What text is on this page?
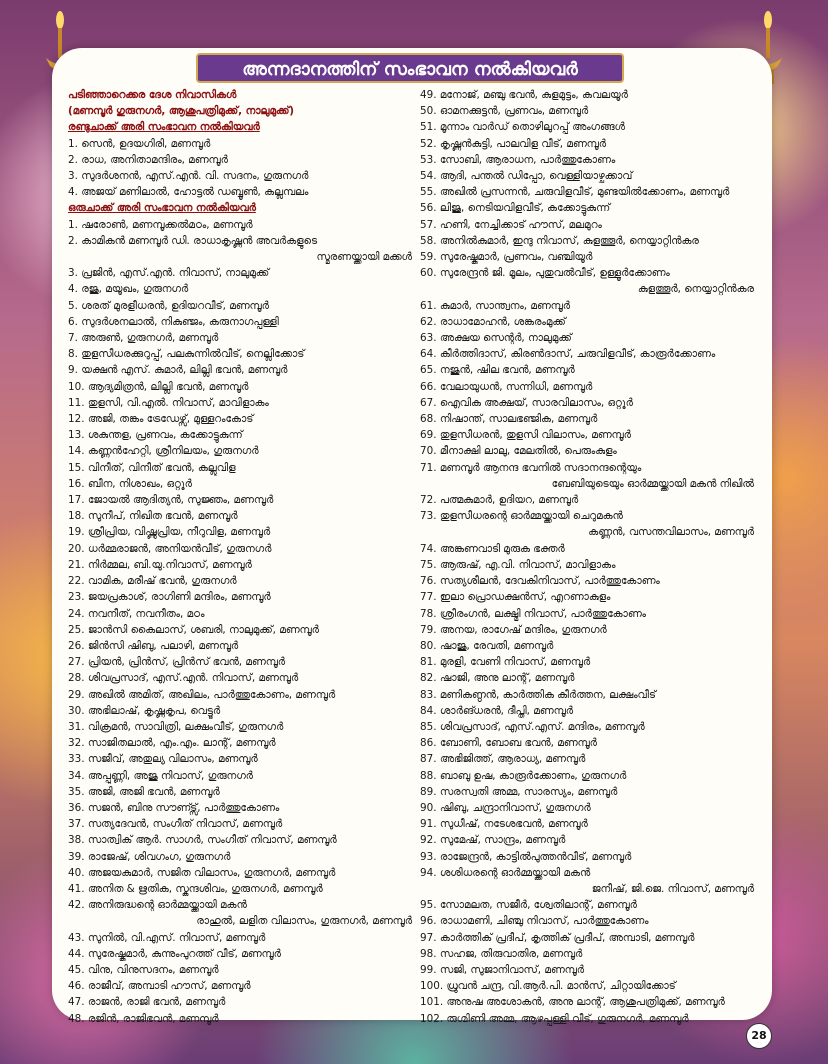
അന്നദാനത്തിന് സംഭാവന നൽകിയവർ
പടിഞ്ഞാറെക്കര ദേശ നിവാസികൾ
(മണമ്പൂർ ഗുരുനഗർ, ആശുപത്രിമുക്ക്, നാലുമുക്ക്)
രണ്ടുചാക്ക് അരി സംഭാവന നൽകിയവർ
1. സെൻ, ഉദയഗിരി, മണമ്പൂർ
2. രാധ, അനിതാമന്ദിരം, മണമ്പൂർ
3. സുദർശനൻ, എസ്.എൻ. വി. സദനം, ഗുരുനഗർ
4. അജയ് മണിലാൽ, ഹോട്ടൽ ഡബ്ബൂൺ, കല്ലമ്പലം
ഒരുചാക്ക് അരി സംഭാവന നൽകിയവർ
1. ഷരോൺ, മണമ്പൂക്കൽമഠം, മണമ്പൂർ
2. കാമികൻ മണമ്പൂർ ഡി. രാധാകൃഷ്ണൻ അവർകളുടെ
സ്മരണയ്ക്കായി മക്കൾ
3. പ്രജിൻ, എസ്.എൻ. നിവാസ്, നാലുമുക്ക്
4. രജു, മയൂഖം, ഗുരുനഗർ
5. ശരത് മുരളീധരൻ, ഉദിയറവീട്, മണമ്പൂർ
6. സുദർശനലാൽ, നികുഞ്ജം, കരുനാഗപ്പള്ളി
7. അരുൺ, ഗുരുനഗർ, മണമ്പൂർ
8. തുളസീധരക്കുറുപ്പ്, പലകുന്നിൽവീട്, നെല്ലിക്കോട്
9. യക്ഷൻ എസ്. കുമാർ, ലില്ലി ഭവൻ, മണമ്പൂർ
10. ആദ്യമിത്രൻ, ലില്ലി ഭവൻ, മണമ്പൂർ
11. തുളസി, വി.എൽ. നിവാസ്, മാവിളാകം
12. അജി, തങ്കം ട്രേഡേഴ്സ്, മുള്ളറംകോട്
13. ശകുന്തള, പ്രണവം, കക്കോട്ടുകുന്ന്
14. കണ്ണൻഹേറ്റി, ശ്രീനിലയം, ഗുരുനഗർ
15. വിനീത്, വിനീത് ഭവൻ, കല്ലുവിള
16. ബീന, നിശാഖം, ഒറ്റൂർ
17. ജോയൽ ആദിത്യൻ, സുജ്ഞം, മണമ്പൂർ
18. സുനീപ്, നിഖിത ഭവൻ, മണമ്പൂർ
19. ശ്രീപ്രിയ, വിഷ്ണുപ്രിയ, നീറുവിള, മണമ്പൂർ
20. ധർമ്മരാജൻ, അനിയൻവീട്, ഗുരുനഗർ
21. നിർമ്മല, ബി.യു.നിവാസ്, മണമ്പൂർ
22. വാമിക, മരീഷ് ഭവൻ, ഗുരുനഗർ
23. ജയപ്രകാശ്, രാഗിണി മന്ദിരം, മണമ്പൂർ
24. നവനീത്, നവനീതം, മഠം
25. ജാൻസി കൈലാസ്, ശബരി, നാലുമുക്ക്, മണമ്പൂർ
26. ജിൻസി ഷിബു, പലാഴി, മണമ്പൂർ
27. പ്രിയൻ, പ്രിൻസ്, പ്രിൻസ് ഭവൻ, മണമ്പൂർ
28. ശിവപ്രസാദ്, എസ്.എൻ. നിവാസ്, മണമ്പൂർ
29. അഖിൽ അമിത്, അഖിലം, പാർത്തുകോണം, മണമ്പൂർ
30. അഭിലാഷ്, കൃഷ്ണകൃപ, വെട്ടൂർ
31. വിക്രമൻ, സാവിത്രി, ലക്ഷംവീട്, ഗുരുനഗർ
32. സാജിതലാൽ, എം.എം. ലാന്റ്, മണമ്പൂർ
33. സജീവ്, അതുല്യ വിലാസം, മണമ്പൂർ
34. അപ്പുണ്ണി, അജു നിവാസ്, ഗുരുനഗർ
35. അജി, അജി ഭവൻ, മണമ്പൂർ
36. സജൻ, ബിനു സൗണ്ട്സ്, പാർത്തുകോണം
37. സത്യദേവൻ, സംഗീത് നിവാസ്, മണമ്പൂർ
38. സാത്വിക് ആർ. സാഗർ, സംഗീത് നിവാസ്, മണമ്പൂർ
39. രാജേഷ്, ശിവഗംഗ, ഗുരുനഗർ
40. അജയകുമാർ, സജിത വിലാസം, ഗുരുനഗർ, മണമ്പൂർ
41. അനിത & ഋതിക, സ്കന്ദശിവം, ഗുരുനഗർ, മണമ്പൂർ
42. അനിരുദ്ധന്റെ ഓർമ്മയ്ക്കായി മകൻ
രാഹുൽ, ലളിത വിലാസം, ഗുരുനഗർ, മണമ്പൂർ
43. സുനിൽ, വി.എസ്. നിവാസ്, മണമ്പൂർ
44. സുരേഷ്കുമാർ, കുന്നുംപുറത്ത് വീട്, മണമ്പൂർ
45. വിനു, വിനുസദനം, മണമ്പൂർ
46. രാജീവ്, അമ്പാടി ഹൗസ്, മണമ്പൂർ
47. രാജൻ, രാജി ഭവൻ, മണമ്പൂർ
48. രജിൻ, രാജിഭവൻ, മണമ്പൂർ
49. മനോജ്, മഞ്ചു ഭവൻ, കുളമുട്ടം, കവലയൂർ
50. ഓമനക്കുട്ടൻ, പ്രണവം, മണമ്പൂർ
51. മൂന്നാം വാർഡ് തൊഴിലുറപ്പ് അംഗങ്ങൾ
52. കൃഷ്ണൻകുട്ടി, പാലവിള വീട്, മണമ്പൂർ
53. സോബി, ആരാധന, പാർത്തുകോണം
54. ആദി, പന്തൽ ഡിപ്പോ, വെള്ളിയാഴ്ചക്കാവ്
55. അഖിൽ പ്രസന്നൻ, ചരുവിളവീട്, മുണ്ടയിൽക്കോണം, മണമ്പൂർ
56. ലിജു, നെടിയവിളവീട്, കക്കോട്ടുകുന്ന്
57. ഹണി, നേച്ചിക്കാട് ഹൗസ്, മലമുറം
58. അനിൽകുമാർ, ഇന്ദു നിവാസ്, കുളത്തൂർ, നെയ്യാറ്റിൻകര
59. സുരേഷ്കുമാർ, പ്രണവം, വഞ്ചിയൂർ
60. സുരേന്ദ്രൻ ജി. മൂലം, പുതുവൽവീട്, ഉള്ളൂർക്കോണം
കുളത്തൂർ, നെയ്യാറ്റിൻകര
61. കുമാർ, സാന്ത്വനം, മണമ്പൂർ
62. രാധാമോഹൻ, ശങ്കരംമുക്ക്
63. അക്ഷയ സെന്റർ, നാലുമുക്ക്
64. കീർത്തിദാസ്, കിരൺദാസ്, ചരുവിളവീട്, കാരൂർക്കോണം
65. നജുൻ, ഷില ഭവൻ, മണമ്പൂർ
66. വേലായുധൻ, സന്നിധി, മണമ്പൂർ
67. ഐവിക അക്ഷയ്, സാരവിലാസം, ഒറ്റൂർ
68. നിഷാന്ത്, സാലഭഞ്ജിക, മണമ്പൂർ
69. തുളസീധരൻ, തുളസി വിലാസം, മണമ്പൂർ
70. മീനാക്ഷി ലാലു, മേലതിൽ, പെരുംകുളം
71. മണമ്പൂർ ആനന്ദ ഭവനിൽ സദാനന്ദന്റെയും
ബേബിയുടെയും ഓർമ്മയ്ക്കായി മകൻ നിഖിൽ
72. പത്മകുമാർ, ഉദിയറ, മണമ്പൂർ
73. തുളസീധരന്റെ ഓർമ്മയ്ക്കായി ചെറുമകൻ
കണ്ണൻ, വസന്തവിലാസം, മണമ്പൂർ
74. അങ്കണവാടി മുരുക ഭക്തർ
75. ആരുഷ്, എ.വി. നിവാസ്, മാവിളാകം
76. സത്യശീലൻ, ദേവകിനിവാസ്, പാർത്തുകോണം
77. ഇലാ പ്രൊഡക്ഷൻസ്, എറണാകുളം
78. ശ്രീരംഗൻ, ലക്ഷ്മി നിവാസ്, പാർത്തുകോണം
79. അനയ, രാഗേഷ് മന്ദിരം, ഗുരുനഗർ
80. ഷാജു, രേവതി, മണമ്പൂർ
81. മുരളി, വേണി നിവാസ്, മണമ്പൂർ
82. ഷാജി, അനു ലാന്റ്, മണമ്പൂർ
83. മണികണ്ഠൻ, കാർത്തിക കീർത്തന, ലക്ഷംവീട്
84. ശാർങ്ധരൻ, ദീപ്തി, മണമ്പൂർ
85. ശിവപ്രസാദ്, എസ്.എസ്. മന്ദിരം, മണമ്പൂർ
86. ബോണി, ബോബ ഭവൻ, മണമ്പൂർ
87. അഭിജിത്ത്, ആരാധ്യ, മണമ്പൂർ
88. ബാബു ഉഷ, കാരൂർക്കോണം, ഗുരുനഗർ
89. സരസ്വതി അമ്മ, സാരസ്യം, മണമ്പൂർ
90. ഷിബു, ചന്ദ്രാനിവാസ്, ഗുരുനഗർ
91. സുധീഷ്, നടേശഭവൻ, മണമ്പൂർ
92. സുമേഷ്, സാന്ദ്രം, മണമ്പൂർ
93. രാജേന്ദ്രൻ, കാട്ടിൽപുത്തൻവീട്, മണമ്പൂർ
94. ശശിധരന്റെ ഓർമ്മയ്ക്കായി മകൻ
ജനീഷ്, ജി.ജെ. നിവാസ്, മണമ്പൂർ
95. സോമലത, സജീർ, ശ്വേതിലാന്റ്, മണമ്പൂർ
96. രാധാമണി, ചിഞ്ചു നിവാസ്, പാർത്തുകോണം
97. കാർത്തിക് പ്രദീപ്, കൃത്തിക് പ്രദീപ്, അമ്പാടി, മണമ്പൂർ
98. സഹജ, തിരുവാതിര, മണമ്പൂർ
99. സജി, സുജാനിവാസ്, മണമ്പൂർ
100. ധ്രുവൻ ചന്ദ്ര, വി.ആർ.പി. മാൻസ്, ചിറ്റായിക്കോട്
101. അനുഷ അശോകൻ, അനു ലാന്റ്, ആശുപത്രിമുക്ക്, മണമ്പൂർ
102. രുഗ്മിണി അമ്മ, ആഴപ്പള്ളി വീട്, ഗുരുനഗർ, മണമ്പൂർ
28
